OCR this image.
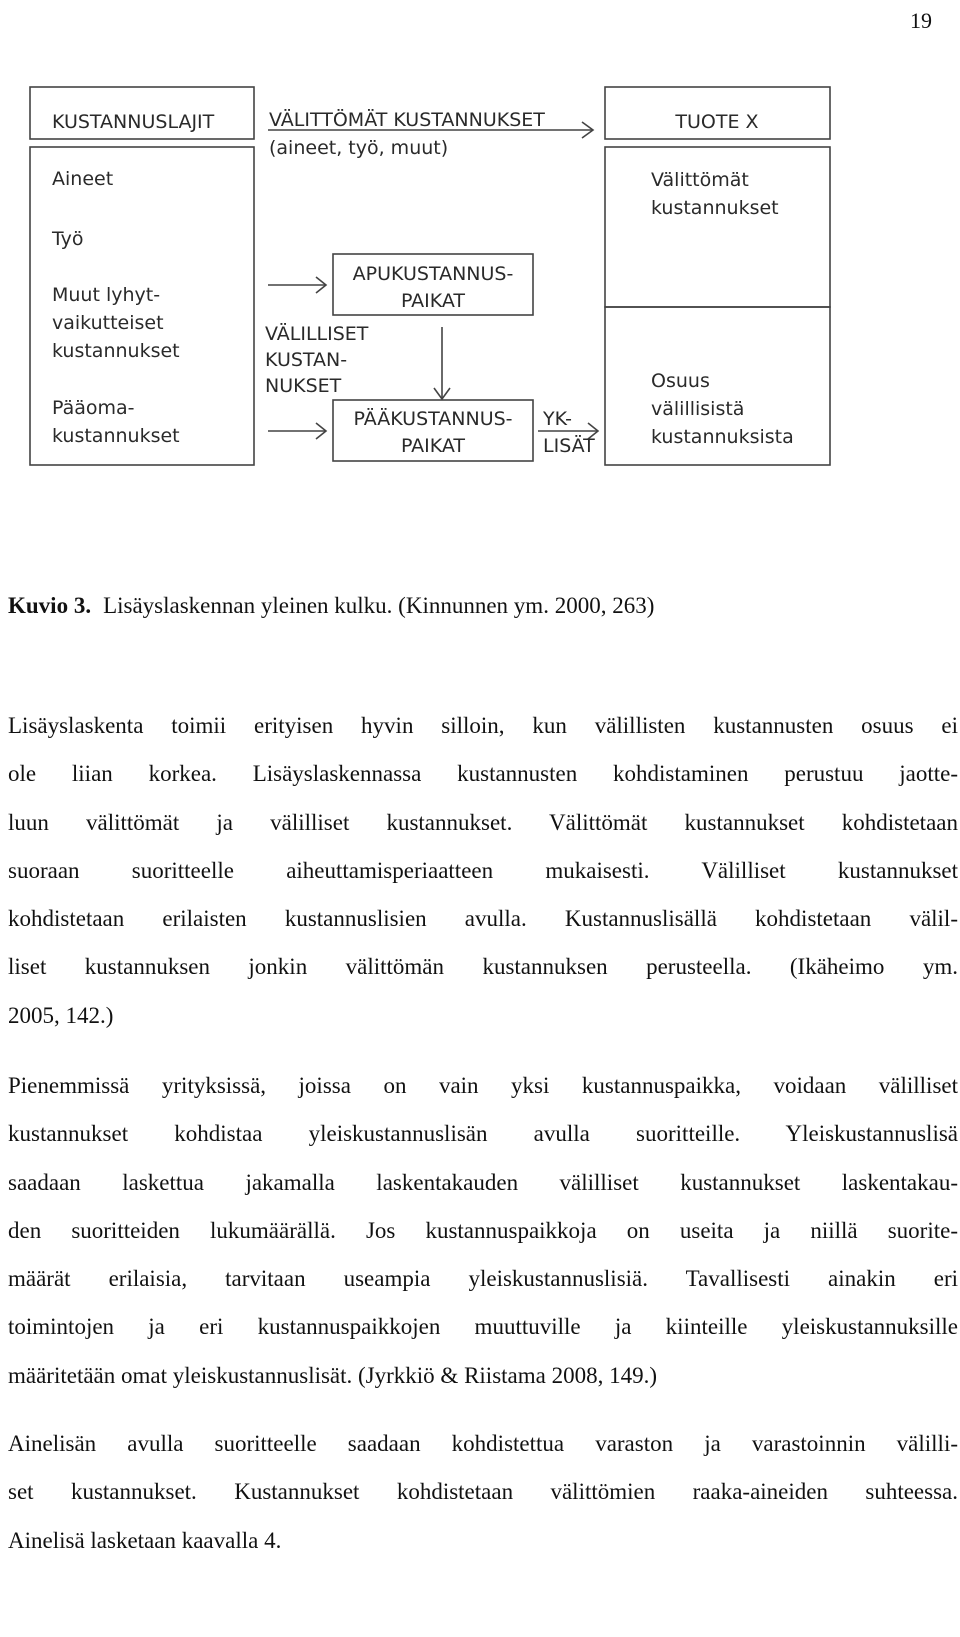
19
KUSTANNUSLAJIT
Aineet
Työ
Muut lyhyt-
vaikutteiset
kustannukset
Pääoma-
kustannukset
VÄLITTÖMÄT KUSTANNUKSET
(aineet, työ, muut)
APUKUSTANNUS-
PAIKAT
VÄLILLISET
KUSTAN-
NUKSET
PÄÄKUSTANNUS-
PAIKAT
YK-
LISÄT
TUOTE X
Välittömät
kustannukset
Osuus
välillisistä
kustannuksista
Kuvio 3. Lisäyslaskennan yleinen kulku. (Kinnunnen ym. 2000, 263)
Lisäyslaskenta toimii erityisen hyvin silloin, kun välillisten kustannusten osuus ei
ole liian korkea. Lisäyslaskennassa kustannusten kohdistaminen perustuu jaotte-
luun välittömät ja välilliset kustannukset. Välittömät kustannukset kohdistetaan
suoraan suoritteelle aiheuttamisperiaatteen mukaisesti. Välilliset kustannukset
kohdistetaan erilaisten kustannuslisien avulla. Kustannuslisällä kohdistetaan välil-
liset kustannuksen jonkin välittömän kustannuksen perusteella. (Ikäheimo ym.
2005, 142.)
Pienemmissä yrityksissä, joissa on vain yksi kustannuspaikka, voidaan välilliset
kustannukset kohdistaa yleiskustannuslisän avulla suoritteille. Yleiskustannuslisä
saadaan laskettua jakamalla laskentakauden välilliset kustannukset laskentakau-
den suoritteiden lukumäärällä. Jos kustannuspaikkoja on useita ja niillä suorite-
määrät erilaisia, tarvitaan useampia yleiskustannuslisiä. Tavallisesti ainakin eri
toimintojen ja eri kustannuspaikkojen muuttuville ja kiinteille yleiskustannuksille
määritetään omat yleiskustannuslisät. (Jyrkkiö & Riistama 2008, 149.)
Ainelisän avulla suoritteelle saadaan kohdistettua varaston ja varastoinnin välilli-
set kustannukset. Kustannukset kohdistetaan välittömien raaka-aineiden suhteessa.
Ainelisä lasketaan kaavalla 4.
